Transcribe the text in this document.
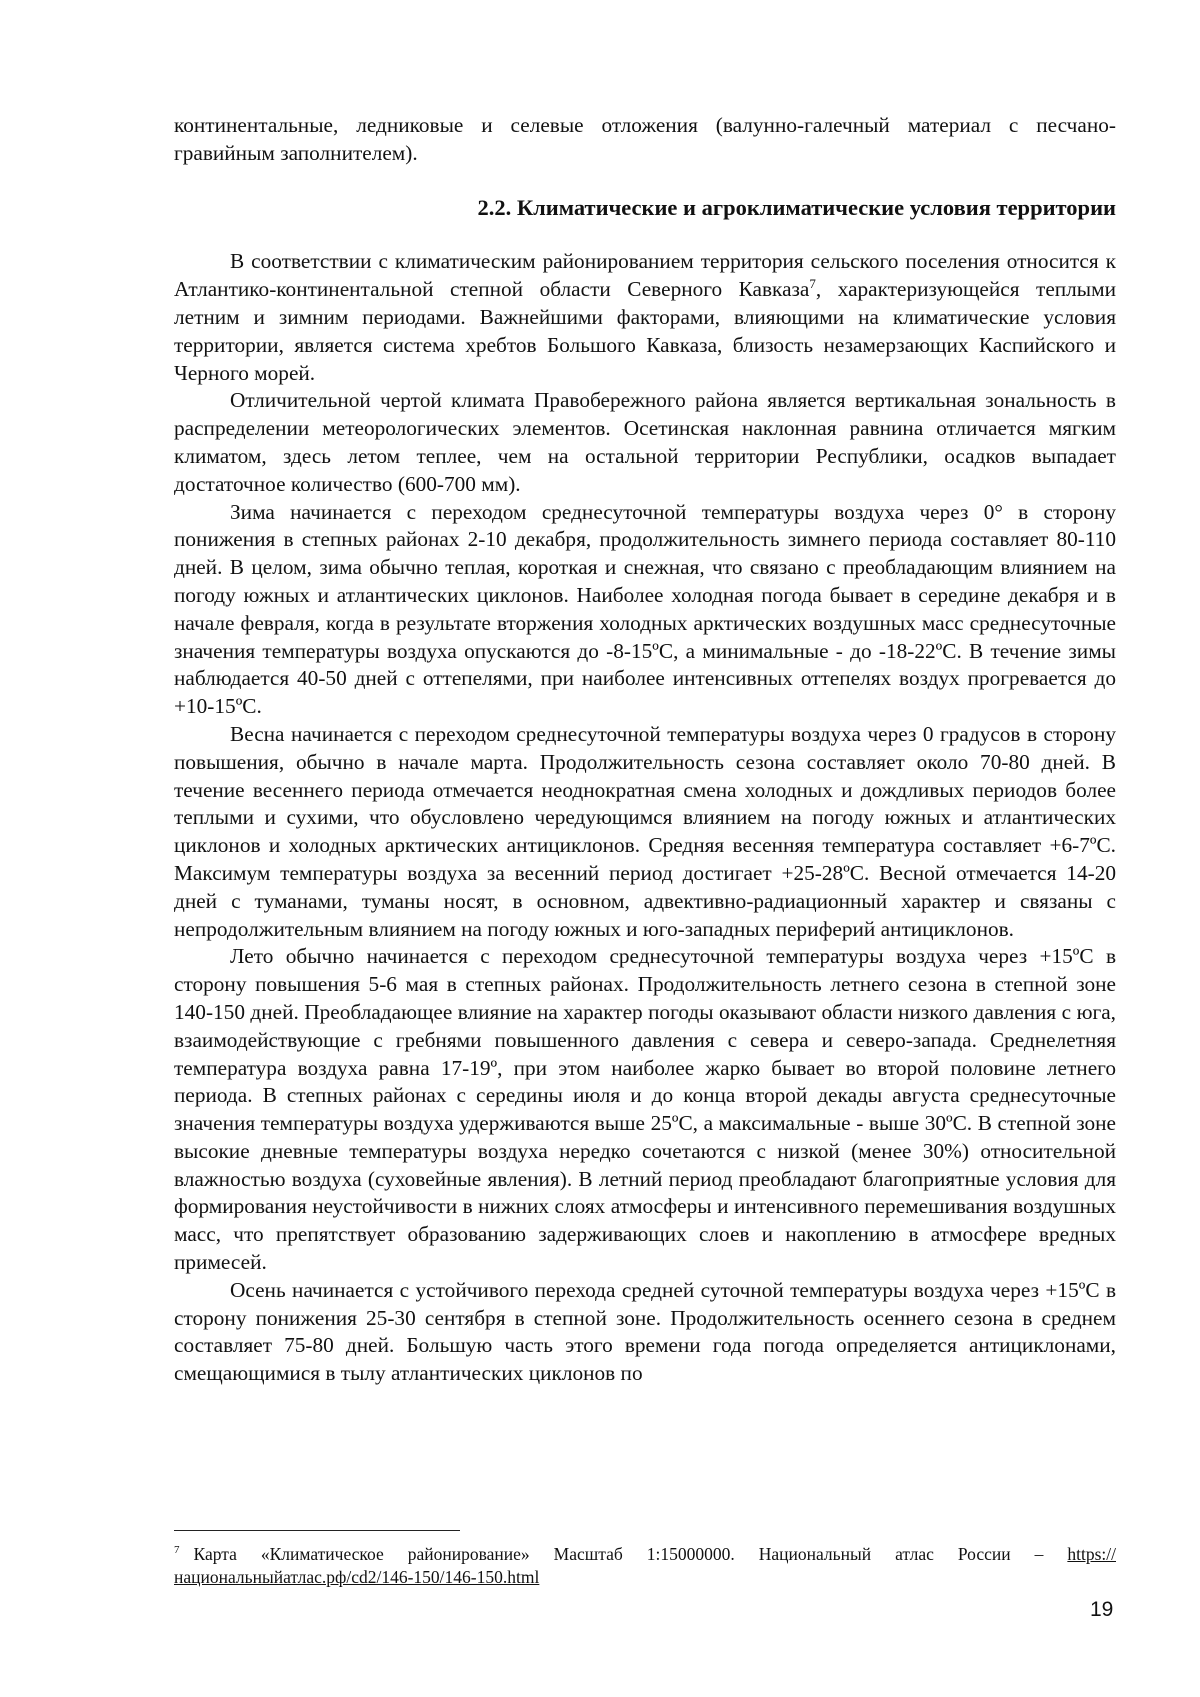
континентальные, ледниковые и селевые отложения (валунно-галечный материал с песчано-гравийным заполнителем).

2.2. Климатические и агроклиматические условия территории

В соответствии с климатическим районированием территория сельского поселения относится к Атлантико-континентальной степной области Северного Кавказа$^7$, характеризующейся теплыми летним и зимним периодами. Важнейшими факторами, влияющими на климатические условия территории, является система хребтов Большого Кавказа, близость незамерзающих Каспийского и Черного морей.

Отличительной чертой климата Правобережного района является вертикальная зональность в распределении метеорологических элементов. Осетинская наклонная равнина отличается мягким климатом, здесь летом теплее, чем на остальной территории Республики, осадков выпадает достаточное количество (600-700 мм).

Зима начинается с переходом среднесуточной температуры воздуха через 0° в сторону понижения в степных районах 2-10 декабря, продолжительность зимнего периода составляет 80-110 дней. В целом, зима обычно теплая, короткая и снежная, что связано с преобладающим влиянием на погоду южных и атлантических циклонов. Наиболее холодная погода бывает в середине декабря и в начале февраля, когда в результате вторжения холодных арктических воздушных масс среднесуточные значения температуры воздуха опускаются до -8-15ºС, а минимальные - до -18-22ºС. В течение зимы наблюдается 40-50 дней с оттепелями, при наиболее интенсивных оттепелях воздух прогревается до +10-15ºС.

Весна начинается с переходом среднесуточной температуры воздуха через 0 градусов в сторону повышения, обычно в начале марта. Продолжительность сезона составляет около 70-80 дней. В течение весеннего периода отмечается неоднократная смена холодных и дождливых периодов более теплыми и сухими, что обусловлено чередующимся влиянием на погоду южных и атлантических циклонов и холодных арктических антициклонов. Средняя весенняя температура составляет +6-7ºС. Максимум температуры воздуха за весенний период достигает +25-28ºС. Весной отмечается 14-20 дней с туманами, туманы носят, в основном, адвективно-радиационный характер и связаны с непродолжительным влиянием на погоду южных и юго-западных периферий антициклонов.

Лето обычно начинается с переходом среднесуточной температуры воздуха через +15ºС в сторону повышения 5-6 мая в степных районах. Продолжительность летнего сезона в степной зоне 140-150 дней. Преобладающее влияние на характер погоды оказывают области низкого давления с юга, взаимодействующие с гребнями повышенного давления с севера и северо-запада. Среднелетняя температура воздуха равна 17-19º, при этом наиболее жарко бывает во второй половине летнего периода. В степных районах с середины июля и до конца второй декады августа среднесуточные значения температуры воздуха удерживаются выше 25ºС, а максимальные - выше 30ºС. В степной зоне высокие дневные температуры воздуха нередко сочетаются с низкой (менее 30%) относительной влажностью воздуха (суховейные явления). В летний период преобладают благоприятные условия для формирования неустойчивости в нижних слоях атмосферы и интенсивного перемешивания воздушных масс, что препятствует образованию задерживающих слоев и накоплению в атмосфере вредных примесей.

Осень начинается с устойчивого перехода средней суточной температуры воздуха через +15ºС в сторону понижения 25-30 сентября в степной зоне. Продолжительность осеннего сезона в среднем составляет 75-80 дней. Большую часть этого времени года погода определяется антициклонами, смещающимися в тылу атлантических циклонов по

$^7$ Карта «Климатическое районирование» Масштаб 1:15000000. Национальный атлас России – https://национальныйатлас.рф/cd2/146-150/146-150.html
19
